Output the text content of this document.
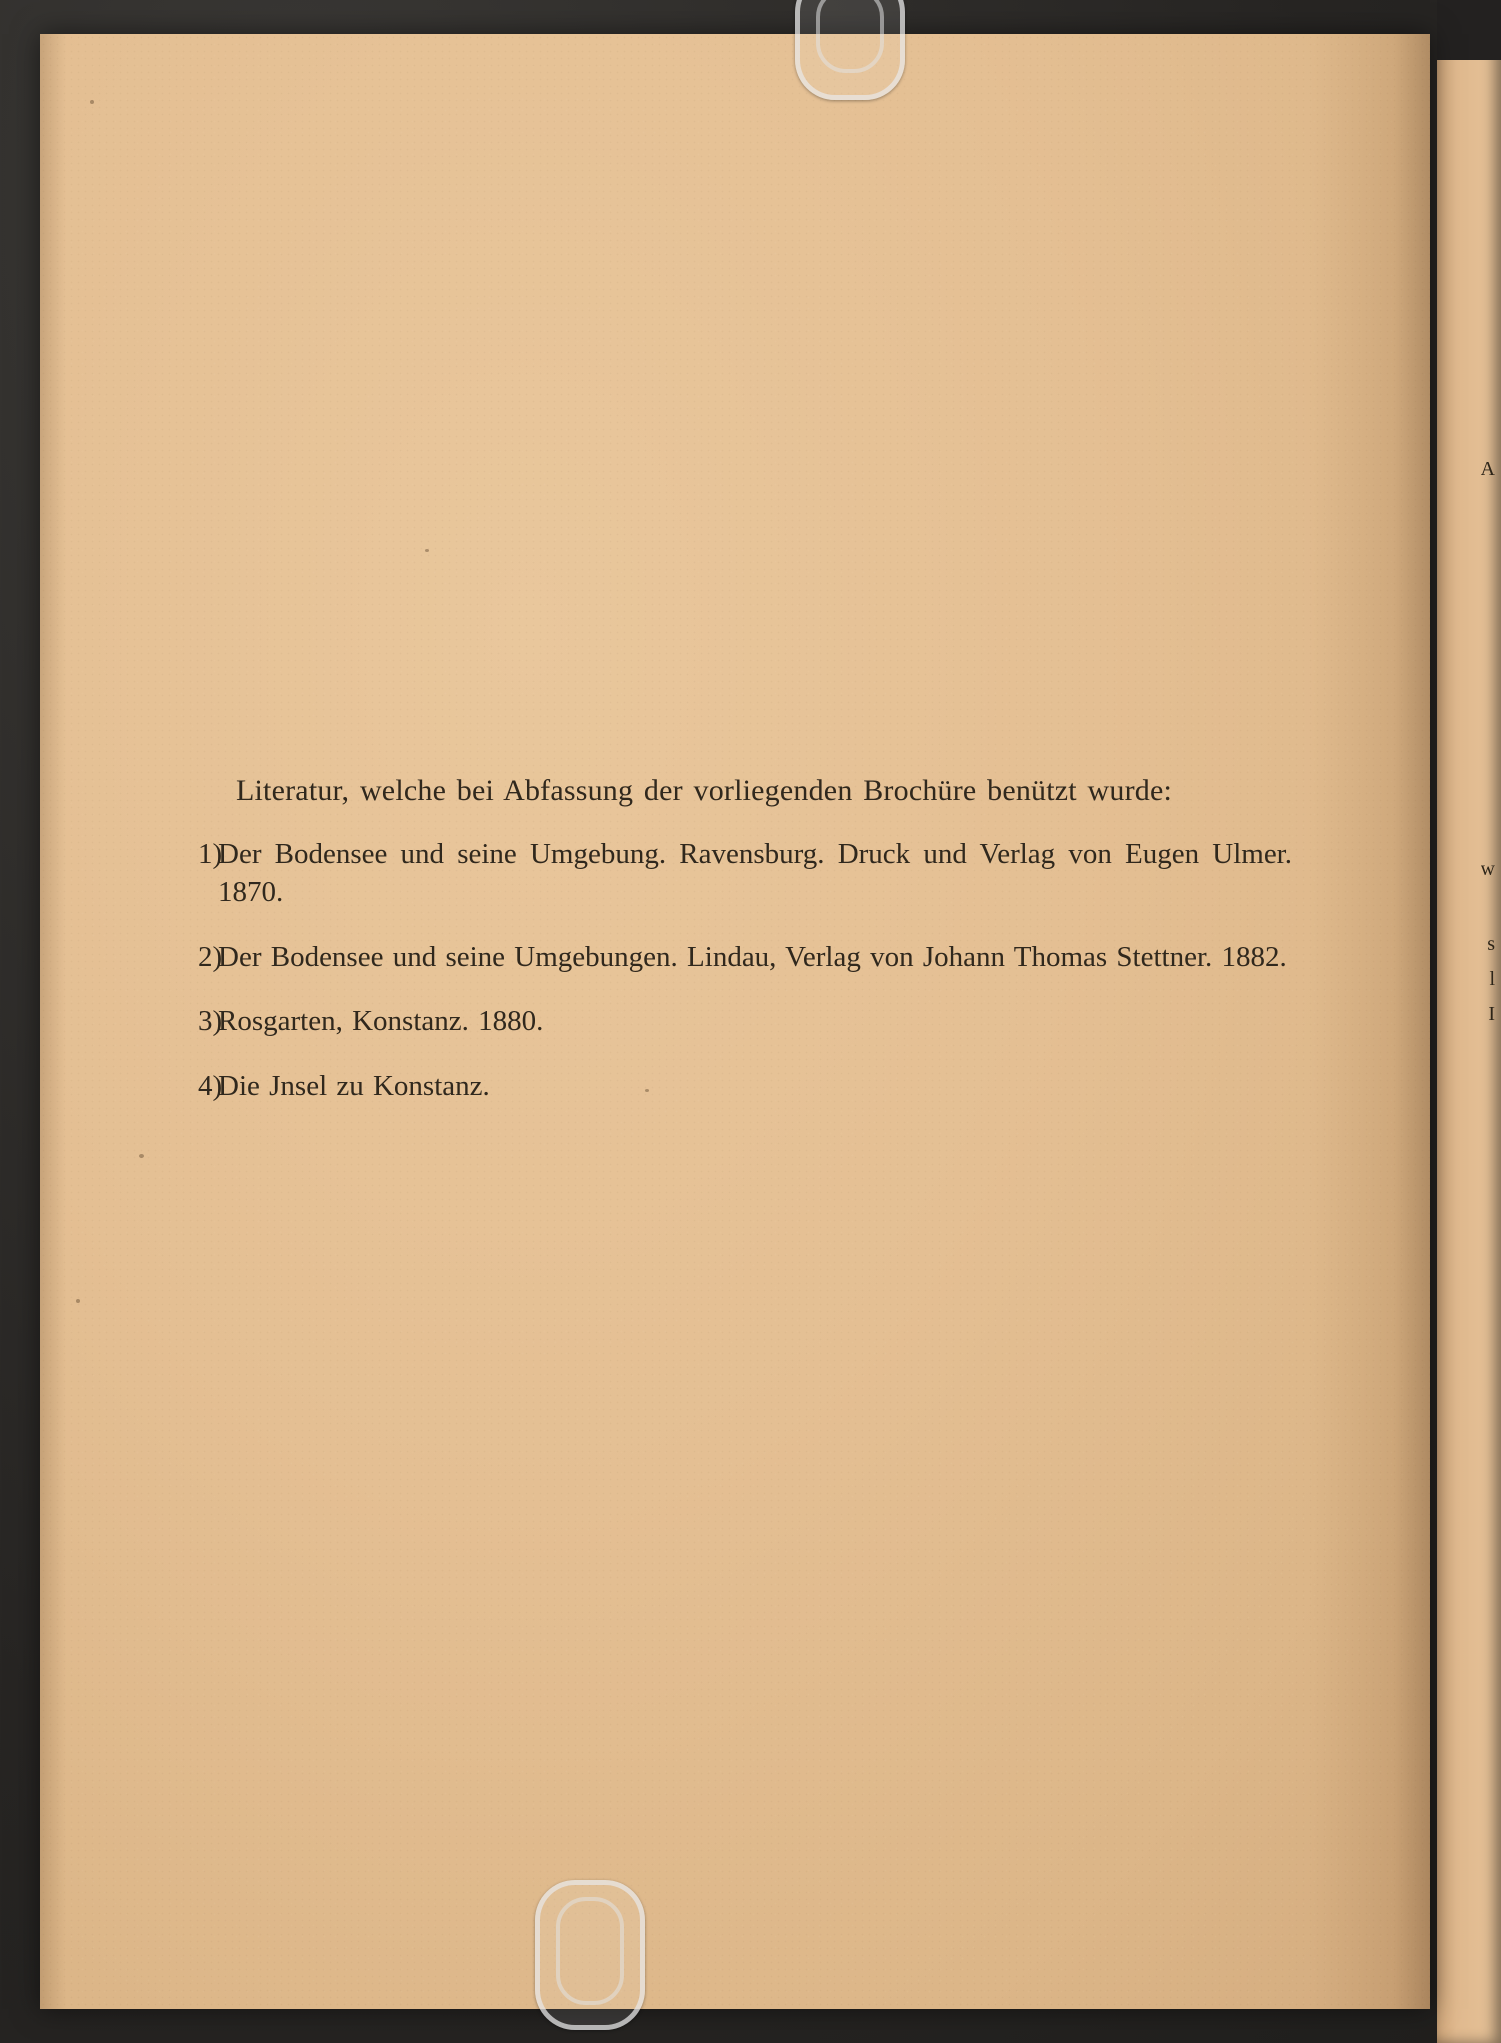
A
w
s
l
I

Literatur, welche bei Abfassung der vorliegenden Brochüre benützt wurde:

1)
Der Bodensee und seine Umgebung. Ravensburg. Druck und Verlag von Eugen Ulmer. 1870.
2)
Der Bodensee und seine Umgebungen. Lindau, Verlag von Johann Thomas Stettner. 1882.
3)
Rosgarten, Konstanz. 1880.
4)
Die Jnsel zu Konstanz.
